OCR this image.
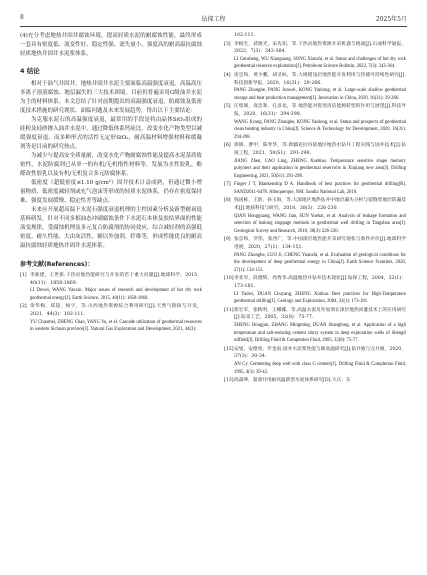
8	钻探工程	2025年5月

(4)充分考虑地热井固井腐蚀环境，提高轻质水泥的耐腐蚀性能。最终形成一套具有密度低、流变性好、稳定性强、滤失量小、强度高的耐高温抗腐蚀轻质地热井固井水泥浆体系。

4 结论

相对于油气井固井，地热井固井水泥主要面临高温强度衰退、高温高压多离子溶液腐蚀、地层漏失的三大技术困境。目前仍普遍采用G级油井水泥为主的材料体系。本文总结了针对前期提出的高温强度衰退、防腐蚀及低密度技术措施的研究现状、面临问题及未来发展趋势，得出以下主要结论：

为克服水泥石的高温强度衰退，最常用的手段是将由晶体SiO₂组成的硅粉及硅砂掺入油井水泥中，通过降低体系钙硅比，改变水化产物类型以减缓强度衰退。而多种形式的活性无定形SiO₂，耐高温材料增强材料和缓凝剂等是目前的研究热点。

为减少与提高安全质量耐，改变水化产物耐腐蚀性能及提高水泥基质致密性，水泥防腐剂已从单一的有机/无机惰性材料等，发展为水性胶乳、酚醛改性胶乳以及有机/无机复合多元防腐体系。

低密度（超低密度≤1.10 g/cm³）固井技术日益成熟，但通过微小增量物质、低密度减轻剂或充气泡沫等形成的轻质水泥体系，仍存在密度保持难、强度发展缓慢、稳定性差等缺点。

未来应开展超高温下水泥石强度衰退机理的主控因素分析及新型耐衰退基料研发，针对不同多相油态冲刷腐蚀条件下水泥石本体及胶结界面的性能演变规律，受腐蚀机理及多元复合防腐剂的协同效应，综合减轻剂的高强低密度、耐久性能、大由灰活性，辅以外加剂、纤维等，形成性能优良的耐高温抗腐蚀轻质地热井固井水泥体系。

参考文献(References)：
[1] 李新建，王世新.干热岩地热能研究与开发的若干重大问题[J].地球科学，2015，40(11)：1858-1869.
LI Dewei, WANG Yanxin. Major issues of research and development of hot dry rock geothermal energy[J]. Earth Science, 2015, 40(11): 1858-1869.
[2] 余华梅，郑超，杨宇，等.川西地热资源综合利用研究[J].天然气勘探与开发，2021，44(3)：102-111.
YU Chaomei, ZHENG Chao, YANG Yu, et al. Cascade utilization of geothermal resources in western Sichuan province[J]. Natural Gas Exploration and Development, 2021, 44(3):
102-111.
[3] 李根生，武晓光，宋先知，等.干热岩地热资源开采机遇与挑战[J].石油科学通报，2022，7(3)：343-364.
LI Gensheng, WU Xiaoguang, SONG Xianzhi, et al. Status and challenges of hot dry rock geothermal resource exploitation[J]. Petroleum Science Bulletin, 2022, 7(3): 343-364.
[4] 庞忠和，黄少鹏，胡圣标，等.大规模浅层地热能开发利用与热储可持续性研究[J].科技创新导报，2020，16(31)：29-266.
PANG Zhonghe, PANG Junwei, KONG Yanlong, et al. Large-scale shallow geothermal storage and heat production management[J]. Innovation in China, 2020, 16(31): 29-266.
[5] 汪集旸，庞忠和，孔彦龙，等.地热能对促进清洁能源转型的作用与展望[J].科技导报，2020，16(31)：294-298.
WANG Jiyang, PANG Zhonghe, KONG Yanlong, et al. Status and prospects of geothermal clean heating industry in China[J]. Science & Technology for Development, 2020, 16(31): 294-298.
[6] 蒋镇，曹甲，陈寿华，等.新疆克拉玛依地区地热水钻井工程实践与固井技术[J].钻探工程，2021，50(S1)：291-298.
JIANG Zhen, CAO Ling, ZHENG Xuebiao. Temperature sensitive shape memory polymers and their application in geothermal reservoirs in Xinjiang new area[J]. Drilling Engineering, 2021, 50(S1): 291-298.
[7] Finger J T, Blankenship D A. Handbook of best practices for geothermal drilling[R]. SAND2011-6478. Albuquerque, NM: Sandia National Lab, 2010.
[8] 钱国栋，王新，孙玉海，等.大深地区地热钻井中地层漏失分析与裂缝型地层防漏技术[J].地质科技与研究，2018，38(3)：226-230.
QIAN Hongguang, WANG Jian, SUN Yuehai, et al. Analysis of leakage formation and selection of leaking stoppage methods in geothermal well drilling in Tangshan area[J]. Geological Survey and Research, 2018, 38(3): 226-230.
[9] 张忠和，罗伟，张西广，等.中国深层地热能开采研究现状与条件评价[J].地球科学进展，2020，27(1)：134-151.
PANG Zhonghe, LUO Ji, CHENG Yuanzhi, et al. Evaluation of geological conditions for the development of deep geothermal energy in China[J]. Earth Science Frontiers, 2020, 27(1): 134-151.
[10] 李亚军，段德辉，周秀华.高温地热井钻井技术现状[J].钻探工程，2004，32(1)：173-181.
LI Yadwi, DUAN Chuyang, ZHENG Xiubua. Best practices for High-Temperature geothermal drilling[J]. Geology and Exploration, 2004, 32(1): 173-181.
[11] 郑宏军，张秋明，王娜娜，等.高温水泥及外加剂在深层地热回灌技术上的应用研究[J].钻采工艺，2005，32(8)：75-77.
ZHENG Hongjun, ZHANG Mingming, DUAN Shanglong, et al. Application of a high temperature and salt-resisting cement slurry system in deep exploration wells of Shengli oilfield[J]. Drilling Fluid & Completion Fluid, 2005, 32(8): 75-77.
[12] 安旭，安德勇，罗金雨.固井水泥浆性能与耐高温研究[J].钻井液与完井液，2020，37(3)：30-34.
AN Cy. Cementing deep well with class G cement[J]. Drilling Fluid & Completion Fluid, 1995, 4(3): 39-42.
[13] 高森坤，超深井用耐高温新型水泥体系研究[D].大庆：东
